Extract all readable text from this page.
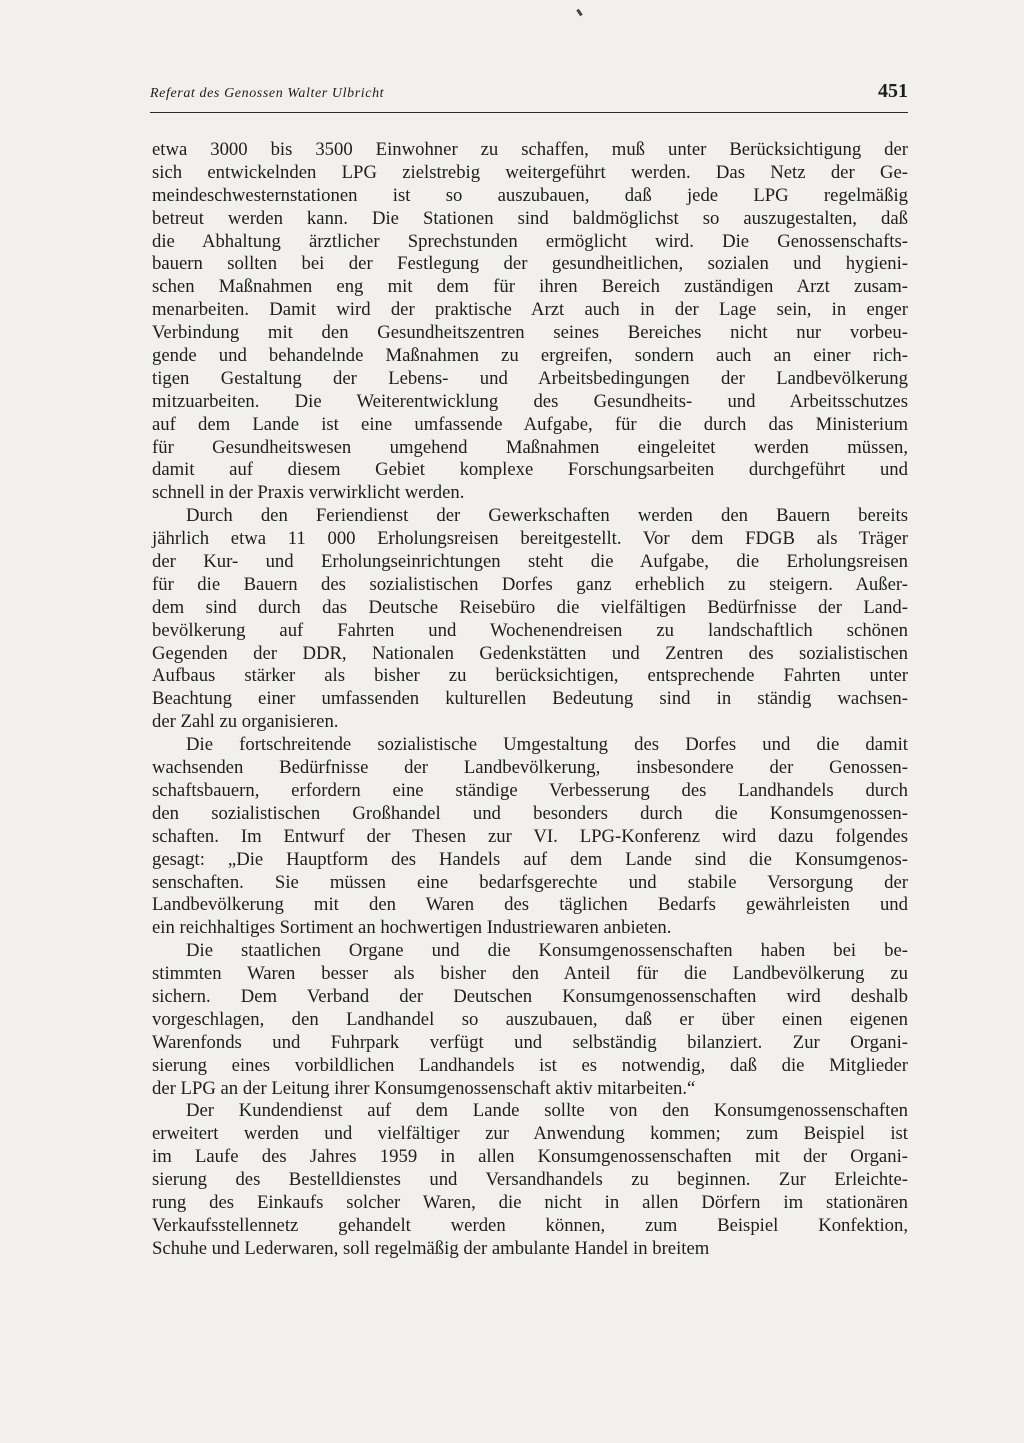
Referat des Genossen Walter Ulbricht	451
etwa 3000 bis 3500 Einwohner zu schaffen, muß unter Berücksichtigung der
sich entwickelnden LPG zielstrebig weitergeführt werden. Das Netz der Ge-
meindeschwesternstationen ist so auszubauen, daß jede LPG regelmäßig
betreut werden kann. Die Stationen sind baldmöglichst so auszugestalten, daß
die Abhaltung ärztlicher Sprechstunden ermöglicht wird. Die Genossenschafts-
bauern sollten bei der Festlegung der gesundheitlichen, sozialen und hygieni-
schen Maßnahmen eng mit dem für ihren Bereich zuständigen Arzt zusam-
menarbeiten. Damit wird der praktische Arzt auch in der Lage sein, in enger
Verbindung mit den Gesundheitszentren seines Bereiches nicht nur vorbeu-
gende und behandelnde Maßnahmen zu ergreifen, sondern auch an einer rich-
tigen Gestaltung der Lebens- und Arbeitsbedingungen der Landbevölkerung
mitzuarbeiten. Die Weiterentwicklung des Gesundheits- und Arbeitsschutzes
auf dem Lande ist eine umfassende Aufgabe, für die durch das Ministerium
für Gesundheitswesen umgehend Maßnahmen eingeleitet werden müssen,
damit auf diesem Gebiet komplexe Forschungsarbeiten durchgeführt und
schnell in der Praxis verwirklicht werden.
Durch den Feriendienst der Gewerkschaften werden den Bauern bereits
jährlich etwa 11 000 Erholungsreisen bereitgestellt. Vor dem FDGB als Träger
der Kur- und Erholungseinrichtungen steht die Aufgabe, die Erholungsreisen
für die Bauern des sozialistischen Dorfes ganz erheblich zu steigern. Außer-
dem sind durch das Deutsche Reisebüro die vielfältigen Bedürfnisse der Land-
bevölkerung auf Fahrten und Wochenendreisen zu landschaftlich schönen
Gegenden der DDR, Nationalen Gedenkstätten und Zentren des sozialistischen
Aufbaus stärker als bisher zu berücksichtigen, entsprechende Fahrten unter
Beachtung einer umfassenden kulturellen Bedeutung sind in ständig wachsen-
der Zahl zu organisieren.
Die fortschreitende sozialistische Umgestaltung des Dorfes und die damit
wachsenden Bedürfnisse der Landbevölkerung, insbesondere der Genossen-
schaftsbauern, erfordern eine ständige Verbesserung des Landhandels durch
den sozialistischen Großhandel und besonders durch die Konsumgenossen-
schaften. Im Entwurf der Thesen zur VI. LPG-Konferenz wird dazu folgendes
gesagt: „Die Hauptform des Handels auf dem Lande sind die Konsumgenos-
senschaften. Sie müssen eine bedarfsgerechte und stabile Versorgung der
Landbevölkerung mit den Waren des täglichen Bedarfs gewährleisten und
ein reichhaltiges Sortiment an hochwertigen Industriewaren anbieten.
Die staatlichen Organe und die Konsumgenossenschaften haben bei be-
stimmten Waren besser als bisher den Anteil für die Landbevölkerung zu
sichern. Dem Verband der Deutschen Konsumgenossenschaften wird deshalb
vorgeschlagen, den Landhandel so auszubauen, daß er über einen eigenen
Warenfonds und Fuhrpark verfügt und selbständig bilanziert. Zur Organi-
sierung eines vorbildlichen Landhandels ist es notwendig, daß die Mitglieder
der LPG an der Leitung ihrer Konsumgenossenschaft aktiv mitarbeiten.“
Der Kundendienst auf dem Lande sollte von den Konsumgenossenschaften
erweitert werden und vielfältiger zur Anwendung kommen; zum Beispiel ist
im Laufe des Jahres 1959 in allen Konsumgenossenschaften mit der Organi-
sierung des Bestelldienstes und Versandhandels zu beginnen. Zur Erleichte-
rung des Einkaufs solcher Waren, die nicht in allen Dörfern im stationären
Verkaufsstellennetz gehandelt werden können, zum Beispiel Konfektion,
Schuhe und Lederwaren, soll regelmäßig der ambulante Handel in breitem
